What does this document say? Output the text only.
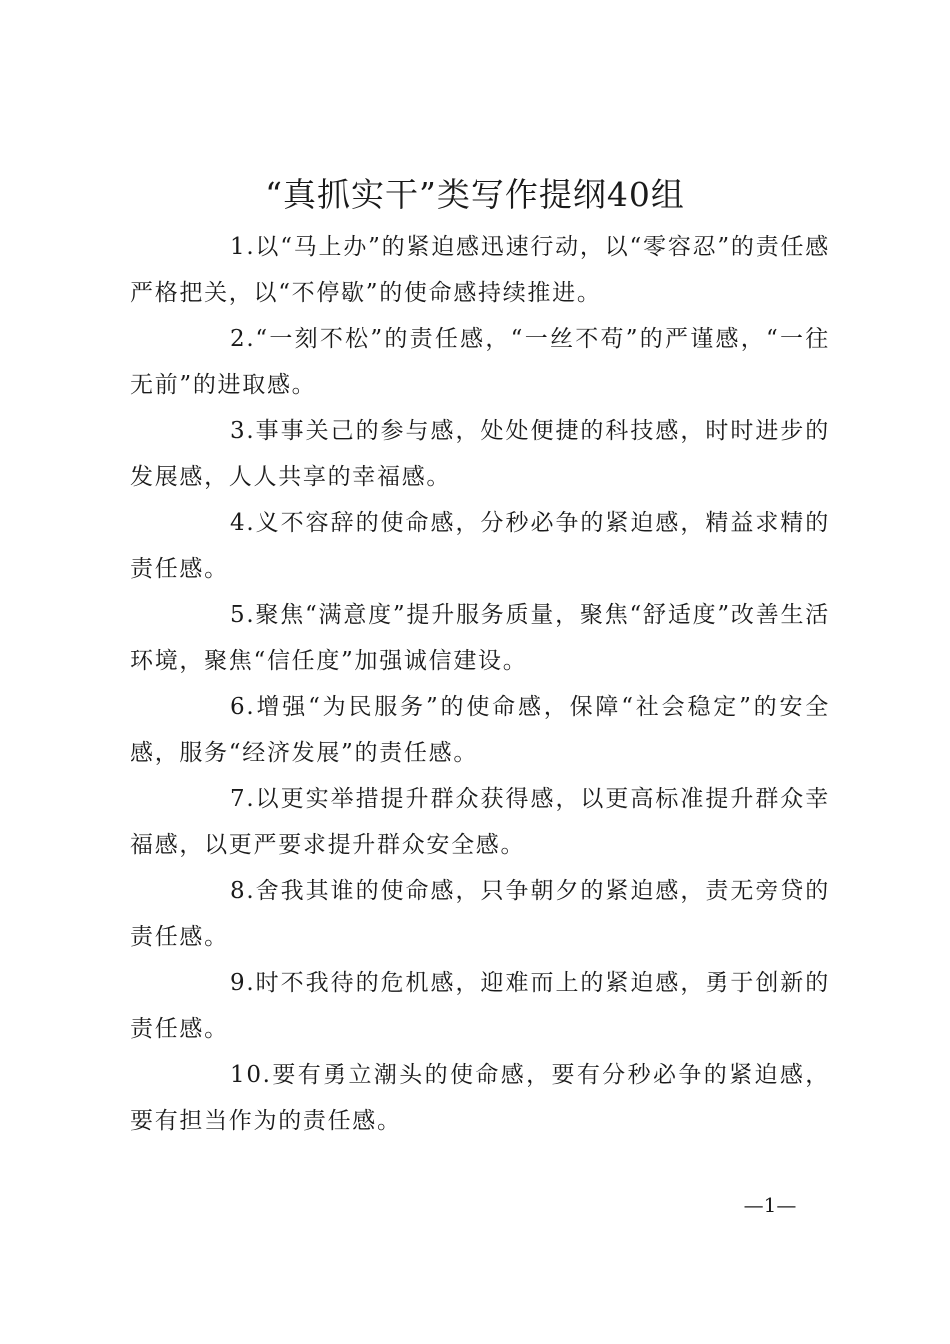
“真抓实干”类写作提纲40组

1.以“马上办”的紧迫感迅速行动，以“零容忍”的责任感严格把关，以“不停歇”的使命感持续推进。

2.“一刻不松”的责任感，“一丝不苟”的严谨感，“一往无前”的进取感。

3.事事关己的参与感，处处便捷的科技感，时时进步的发展感，人人共享的幸福感。

4.义不容辞的使命感，分秒必争的紧迫感，精益求精的责任感。

5.聚焦“满意度”提升服务质量，聚焦“舒适度”改善生活环境，聚焦“信任度”加强诚信建设。

6.增强“为民服务”的使命感，保障“社会稳定”的安全感，服务“经济发展”的责任感。

7.以更实举措提升群众获得感，以更高标准提升群众幸福感，以更严要求提升群众安全感。

8.舍我其谁的使命感，只争朝夕的紧迫感，责无旁贷的责任感。

9.时不我待的危机感，迎难而上的紧迫感，勇于创新的责任感。

10.要有勇立潮头的使命感，要有分秒必争的紧迫感，要有担当作为的责任感。

—1—
